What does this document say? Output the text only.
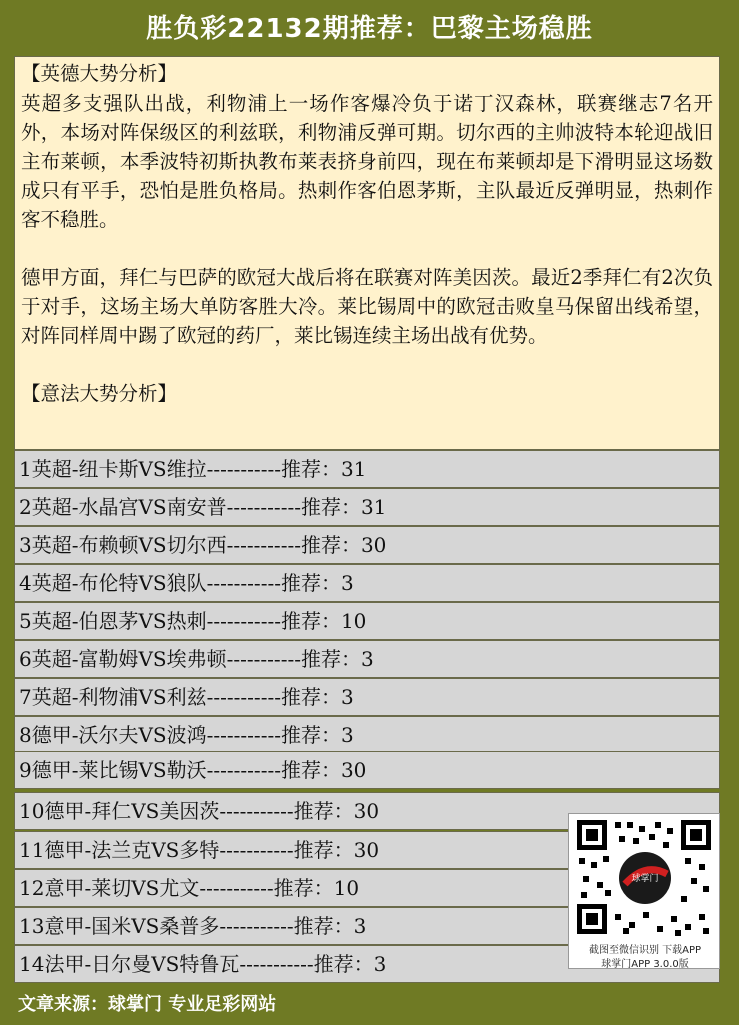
胜负彩22132期推荐：巴黎主场稳胜
【英德大势分析】

英超多支强队出战，利物浦上一场作客爆冷负于诺丁汉森林，联赛继志7名开外，本场对阵保级区的利兹联，利物浦反弹可期。切尔西的主帅波特本轮迎战旧主布莱顿，本季波特初斯执教布莱表挤身前四，现在布莱顿却是下滑明显这场数成只有平手，恐怕是胜负格局。热刺作客伯恩茅斯，主队最近反弹明显，热刺作客不稳胜。

德甲方面，拜仁与巴萨的欧冠大战后将在联赛对阵美因茨。最近2季拜仁有2次负于对手，这场主场大单防客胜大冷。莱比锡周中的欧冠击败皇马保留出线希望，对阵同样周中踢了欧冠的药厂，莱比锡连续主场出战有优势。

【意法大势分析】
1英超-纽卡斯VS维拉-----------推荐：31
2英超-水晶宫VS南安普-----------推荐：31
3英超-布赖顿VS切尔西-----------推荐：30
4英超-布伦特VS狼队-----------推荐：3
5英超-伯恩茅VS热刺-----------推荐：10
6英超-富勒姆VS埃弗顿-----------推荐：3
7英超-利物浦VS利兹-----------推荐：3
8德甲-沃尔夫VS波鸿-----------推荐：3
9德甲-莱比锡VS勒沃-----------推荐：30
10德甲-拜仁VS美因茨-----------推荐：30
11德甲-法兰克VS多特-----------推荐：30
12意甲-莱切VS尤文-----------推荐：10
13意甲-国米VS桑普多-----------推荐：3
14法甲-日尔曼VS特鲁瓦-----------推荐：3
球掌门
截图至微信识别 下载APP
球掌门APP 3.0.0版
文章来源：球掌门 专业足彩网站
